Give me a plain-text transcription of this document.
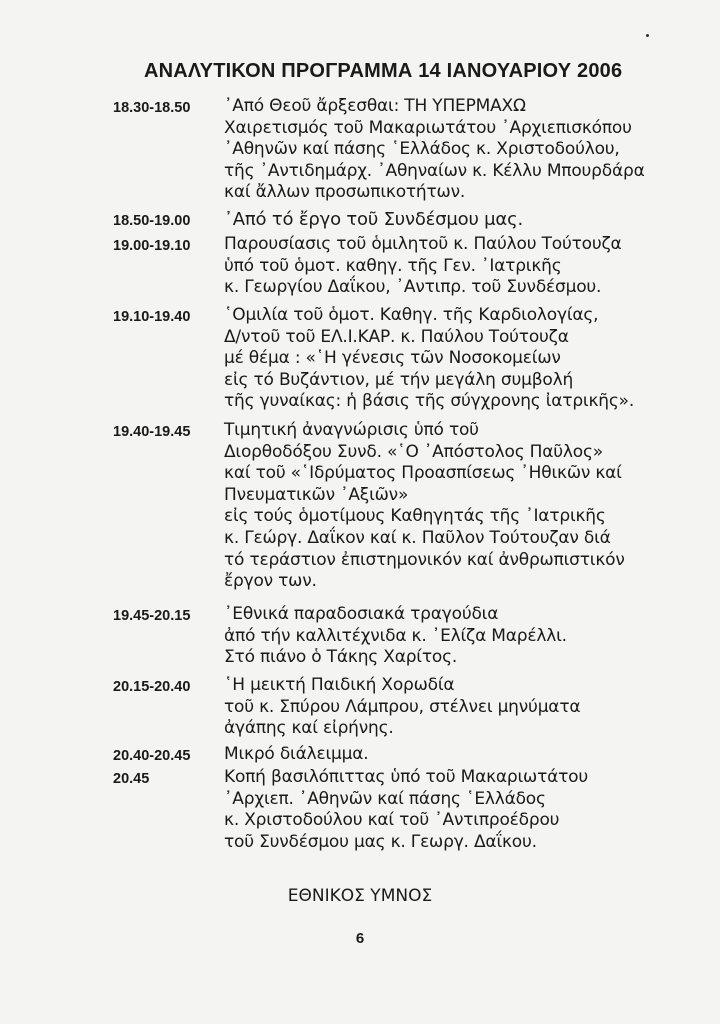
ΑΝΑΛΥΤΙΚΟΝ ΠΡΟΓΡΑΜΜΑ 14 ΙΑΝΟΥΑΡΙΟΥ 2006
18.30-18.50 ᾿Από Θεοῦ ἄρξεσθαι: ΤΗ ΥΠΕΡΜΑΧΩ
Χαιρετισμός τοῦ Μακαριωτάτου ᾿Αρχιεπισκόπου
᾿Αθηνῶν καί πάσης ῾Ελλάδος κ. Χριστοδούλου,
τῆς ᾿Αντιδημάρχ. ᾿Αθηναίων κ. Κέλλυ Μπουρδάρα
καί ἄλλων προσωπικοτήτων.
18.50-19.00 ᾿Από τό ἔργο τοῦ Συνδέσμου μας.
19.00-19.10 Παρουσίασις τοῦ ὁμιλητοῦ κ. Παύλου Τούτουζα
ὑπό τοῦ ὁμοτ. καθηγ. τῆς Γεν. ᾿Ιατρικῆς
κ. Γεωργίου Δαΐκου, ᾿Αντιπρ. τοῦ Συνδέσμου.
19.10-19.40 ῾Ομιλία τοῦ ὁμοτ. Καθηγ. τῆς Καρδιολογίας,
Δ/ντοῦ τοῦ ΕΛ.Ι.ΚΑΡ. κ. Παύλου Τούτουζα
μέ θέμα : «῾Η γένεσις τῶν Νοσοκομείων
εἰς τό Βυζάντιον, μέ τήν μεγάλη συμβολή
τῆς γυναίκας: ἡ βάσις τῆς σύγχρονης ἰατρικῆς».
19.40-19.45 Τιμητική ἀναγνώρισις ὑπό τοῦ
Διορθοδόξου Συνδ. «῾Ο ᾿Απόστολος Παῦλος»
καί τοῦ «῾Ιδρύματος Προασπίσεως ᾿Ηθικῶν καί
Πνευματικῶν ᾿Αξιῶν»
εἰς τούς ὁμοτίμους Καθηγητάς τῆς ᾿Ιατρικῆς
κ. Γεώργ. Δαΐκον καί κ. Παῦλον Τούτουζαν διά
τό τεράστιον ἐπιστημονικόν καί ἀνθρωπιστικόν
ἔργον των.
19.45-20.15 ᾿Εθνικά παραδοσιακά τραγούδια
ἀπό τήν καλλιτέχνιδα κ. ᾿Ελίζα Μαρέλλι.
Στό πιάνο ὁ Τάκης Χαρίτος.
20.15-20.40 ῾Η μεικτή Παιδική Χορωδία
τοῦ κ. Σπύρου Λάμπρου, στέλνει μηνύματα
ἀγάπης καί εἰρήνης.
20.40-20.45 Μικρό διάλειμμα.
20.45	Κοπή βασιλόπιττας ὑπό τοῦ Μακαριωτάτου
᾿Αρχιεπ. ᾿Αθηνῶν καί πάσης ῾Ελλάδος
κ. Χριστοδούλου καί τοῦ ᾿Αντιπροέδρου
τοῦ Συνδέσμου μας κ. Γεωργ. Δαΐκου.
ΕΘΝΙΚΟΣ ΥΜΝΟΣ
6
